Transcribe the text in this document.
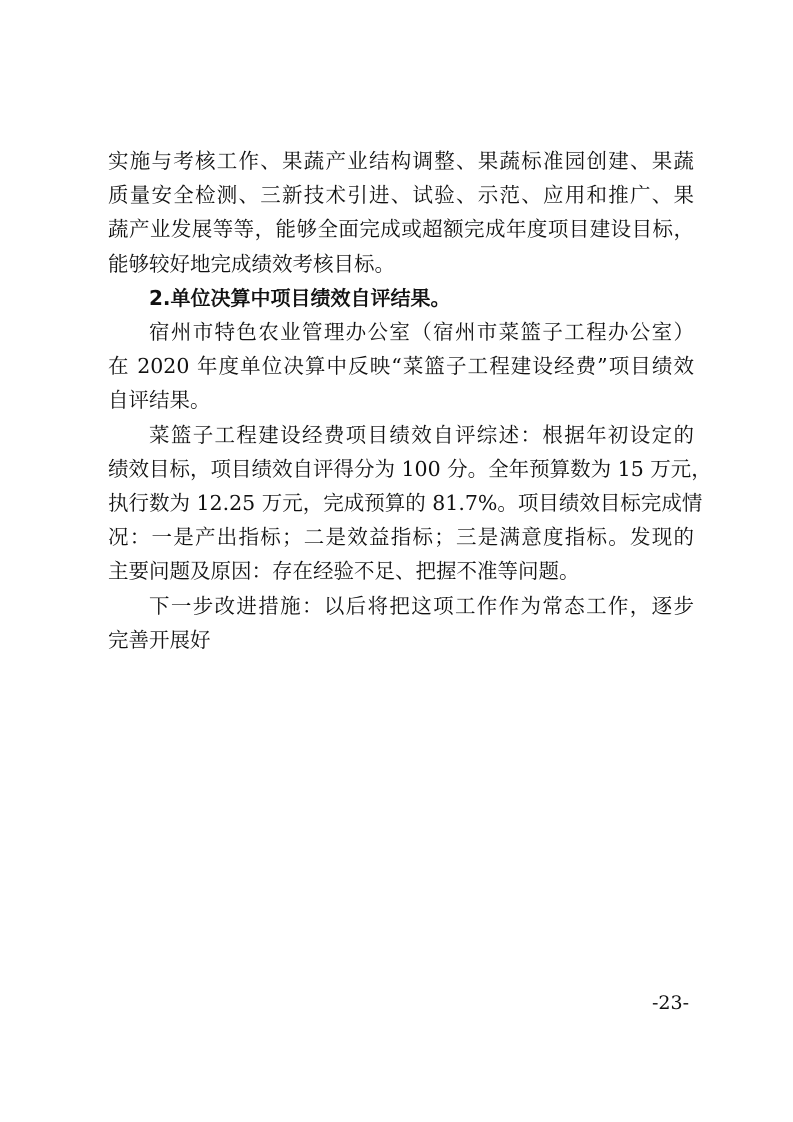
实施与考核工作、果蔬产业结构调整、果蔬标准园创建、果蔬
质量安全检测、三新技术引进、试验、示范、应用和推广、果
蔬产业发展等等，能够全面完成或超额完成年度项目建设目标，
能够较好地完成绩效考核目标。

2.单位决算中项目绩效自评结果。

宿州市特色农业管理办公室（宿州市菜篮子工程办公室）
在 2020 年度单位决算中反映“菜篮子工程建设经费”项目绩效
自评结果。

菜篮子工程建设经费项目绩效自评综述：根据年初设定的
绩效目标，项目绩效自评得分为 100 分。全年预算数为 15 万元，
执行数为 12.25 万元，完成预算的 81.7%。项目绩效目标完成情
况：一是产出指标；二是效益指标；三是满意度指标。发现的
主要问题及原因：存在经验不足、把握不准等问题。

下一步改进措施：以后将把这项工作作为常态工作，逐步
完善开展好

-23-
